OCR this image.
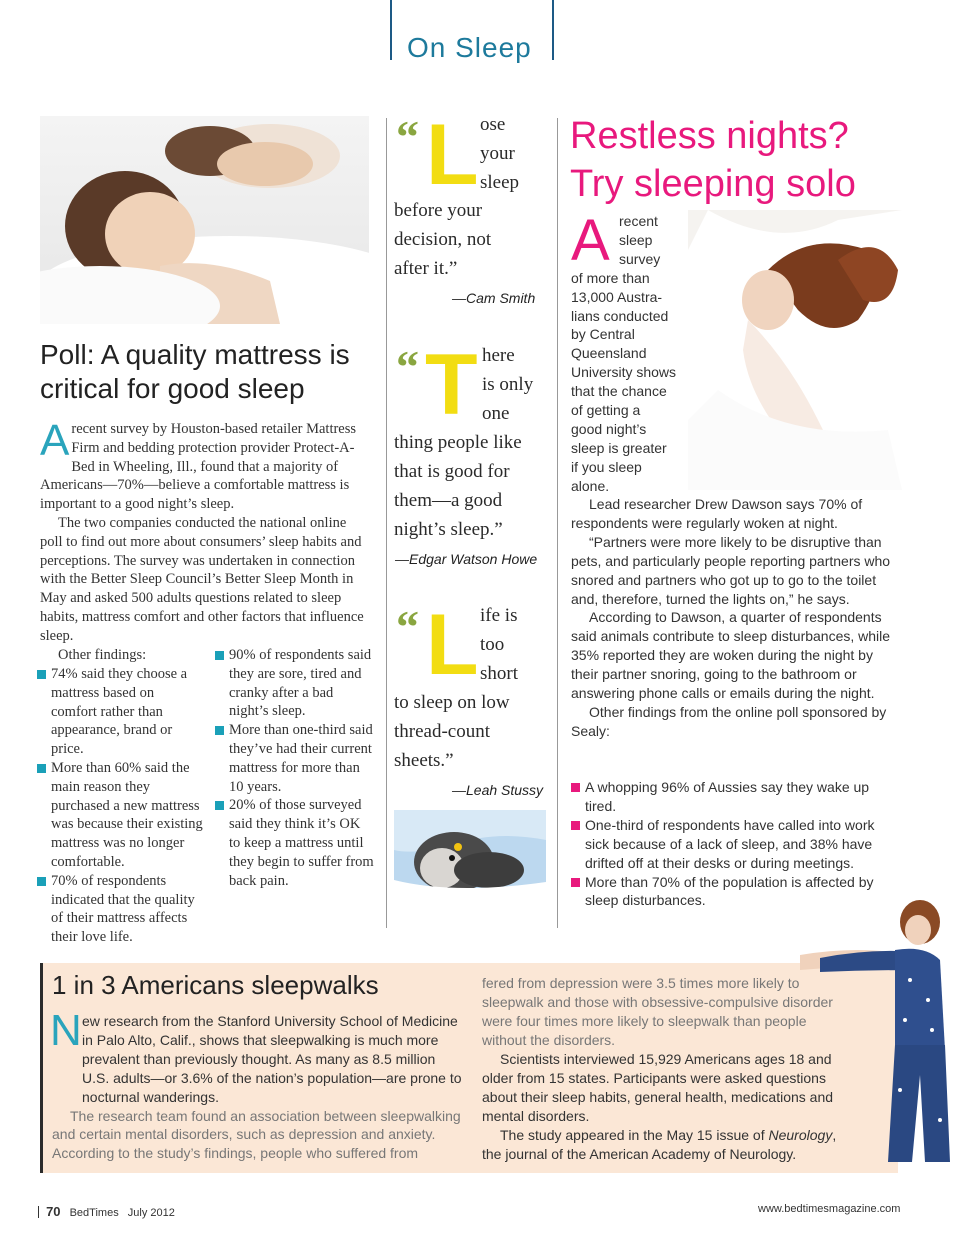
On Sleep
Poll: A quality mattress is critical for good sleep

Arecent survey by Houston-based retailer Mattress Firm and bedding protection provider Protect-A-Bed in Wheeling, Ill., found that a majority of Americans—70%—believe a comfortable mattress is important to a good night’s sleep.

The two companies conducted the national online poll to find out more about consumers’ sleep habits and perceptions. The survey was undertaken in connection with the Better Sleep Council’s Better Sleep Month in May and asked 500 adults questions related to sleep habits, mattress comfort and other factors that influence sleep.

Other findings:

74% said they choose a mattress based on comfort rather than appearance, brand or price.
More than 60% said the main reason they purchased a new mattress was because their existing mattress was no longer comfortable.
70% of respondents indicated that the quality of their mattress affects their love life.
90% of respondents said they are sore, tired and cranky after a bad night’s sleep.
More than one-third said they’ve had their current mattress for more than 10 years.
20% of those surveyed said they think it’s OK to keep a mattress until they begin to suffer from back pain.
“ L ose
your
sleep
before your
decision, not
after it.”
—Cam Smith
“ T here
is only
one
thing people like
that is good for
them—a good
night’s sleep.”
—Edgar Watson Howe
“ L ife is
too
short
to sleep on low
thread-count
sheets.”
—Leah Stussy
Restless nights?
Try sleeping solo
A recent
sleep
survey
of more than
13,000 Austra-
lians conducted
by Central
Queensland
University shows
that the chance
of getting a
good night’s
sleep is greater
if you sleep
alone.
Lead researcher Drew Dawson says 70% of respondents were regularly woken at night.
“Partners were more likely to be disruptive than pets, and particularly people reporting partners who snored and partners who got up to go to the toilet and, therefore, turned the lights on,” he says.
According to Dawson, a quarter of respondents said animals contribute to sleep disturbances, while 35% reported they are woken during the night by their partner snoring, going to the bathroom or answering phone calls or emails during the night.
Other findings from the online poll sponsored by Sealy:
A whopping 96% of Aussies say they wake up tired.
One-third of respondents have called into work sick because of a lack of sleep, and 38% have drifted off at their desks or during meetings.
More than 70% of the population is affected by sleep disturbances.
1 in 3 Americans sleepwalks
N ew research from the Stanford University School of Medicine in Palo Alto, Calif., shows that sleepwalking is much more prevalent than previously thought. As many as 8.5 million U.S. adults—or 3.6% of the nation’s population—are prone to nocturnal wanderings.
The research team found an association between sleepwalking and certain mental disorders, such as depression and anxiety. According to the study’s findings, people who suffered from
fered from depression were 3.5 times more likely to sleepwalk and those with obsessive-compulsive disorder were four times more likely to sleepwalk than people without the disorders.
Scientists interviewed 15,929 Americans ages 18 and older from 15 states. Participants were asked questions about their sleep habits, general health, medications and mental disorders.
The study appeared in the May 15 issue of Neurology, the journal of the American Academy of Neurology.
70 BedTimes July 2012	www.bedtimesmagazine.com
